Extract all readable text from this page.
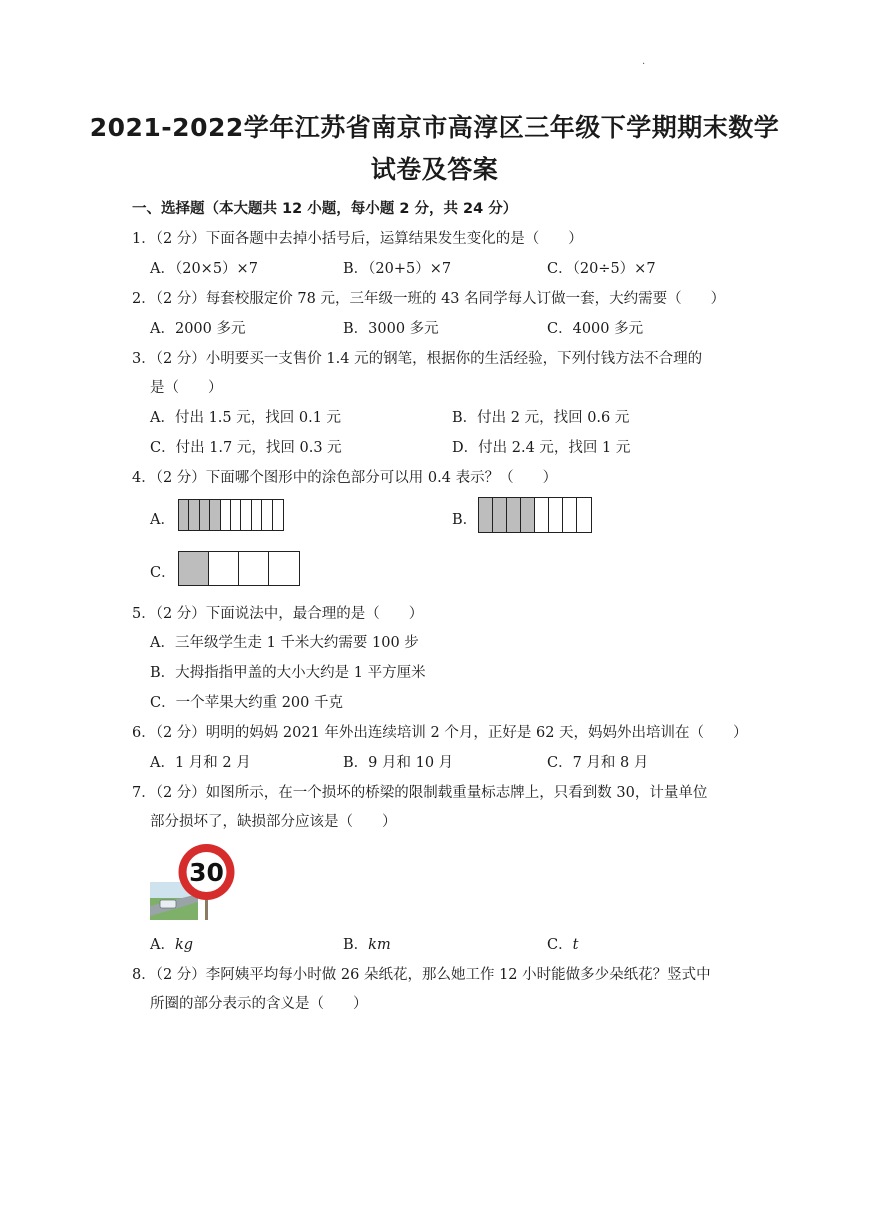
.
2021-2022学年江苏省南京市高淳区三年级下学期期末数学
试卷及答案
一、选择题（本大题共 12 小题，每小题 2 分，共 24 分）
1．（2 分）下面各题中去掉小括号后，运算结果发生变化的是（　　）
A．（20×5）×7	B．（20+5）×7	C．（20÷5）×7
2．（2 分）每套校服定价 78 元，三年级一班的 43 名同学每人订做一套，大约需要（　　）
A．2000 多元	B．3000 多元	C．4000 多元
3．（2 分）小明要买一支售价 1.4 元的钢笔，根据你的生活经验，下列付钱方法不合理的
是（　　）
A．付出 1.5 元，找回 0.1 元	B．付出 2 元，找回 0.6 元
C．付出 1.7 元，找回 0.3 元	D．付出 2.4 元，找回 1 元
4．（2 分）下面哪个图形中的涂色部分可以用 0.4 表示？（　　）
A．	B．
C．
5．（2 分）下面说法中，最合理的是（　　）
A．三年级学生走 1 千米大约需要 100 步
B．大拇指指甲盖的大小大约是 1 平方厘米
C．一个苹果大约重 200 千克
6．（2 分）明明的妈妈 2021 年外出连续培训 2 个月，正好是 62 天，妈妈外出培训在（　　）
A．1 月和 2 月	B．9 月和 10 月	C．7 月和 8 月
7．（2 分）如图所示，在一个损坏的桥梁的限制载重量标志牌上，只看到数 30，计量单位
部分损坏了，缺损部分应该是（　　）
30
A．kg	B．km	C．t
8．（2 分）李阿姨平均每小时做 26 朵纸花，那么她工作 12 小时能做多少朵纸花？竖式中
所圈的部分表示的含义是（　　）
